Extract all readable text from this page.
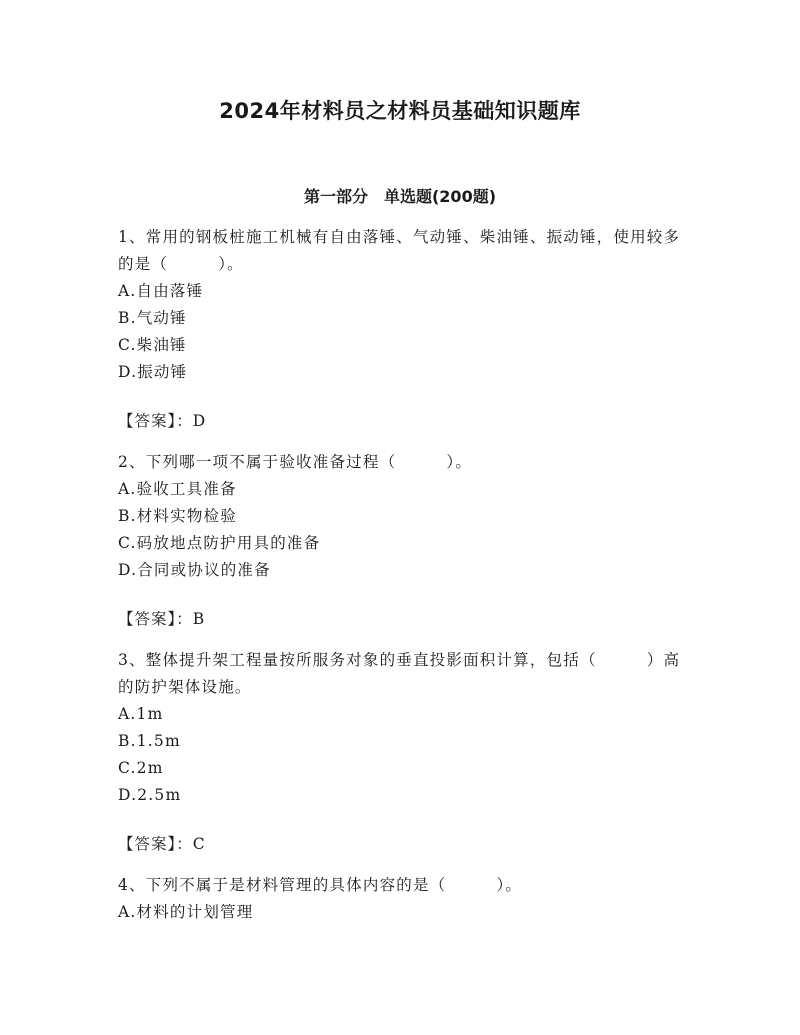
2024年材料员之材料员基础知识题库
第一部分　单选题(200题)

1、常用的钢板桩施工机械有自由落锤、气动锤、柴油锤、振动锤，使用较多的是（　　　）。

A.自由落锤

B.气动锤

C.柴油锤

D.振动锤

【答案】：D

2、下列哪一项不属于验收准备过程（　　　）。

A.验收工具准备

B.材料实物检验

C.码放地点防护用具的准备

D.合同或协议的准备

【答案】：B

3、整体提升架工程量按所服务对象的垂直投影面积计算，包括（　　　）高的防护架体设施。

A.1m

B.1.5m

C.2m

D.2.5m

【答案】：C

4、下列不属于是材料管理的具体内容的是（　　　）。

A.材料的计划管理
